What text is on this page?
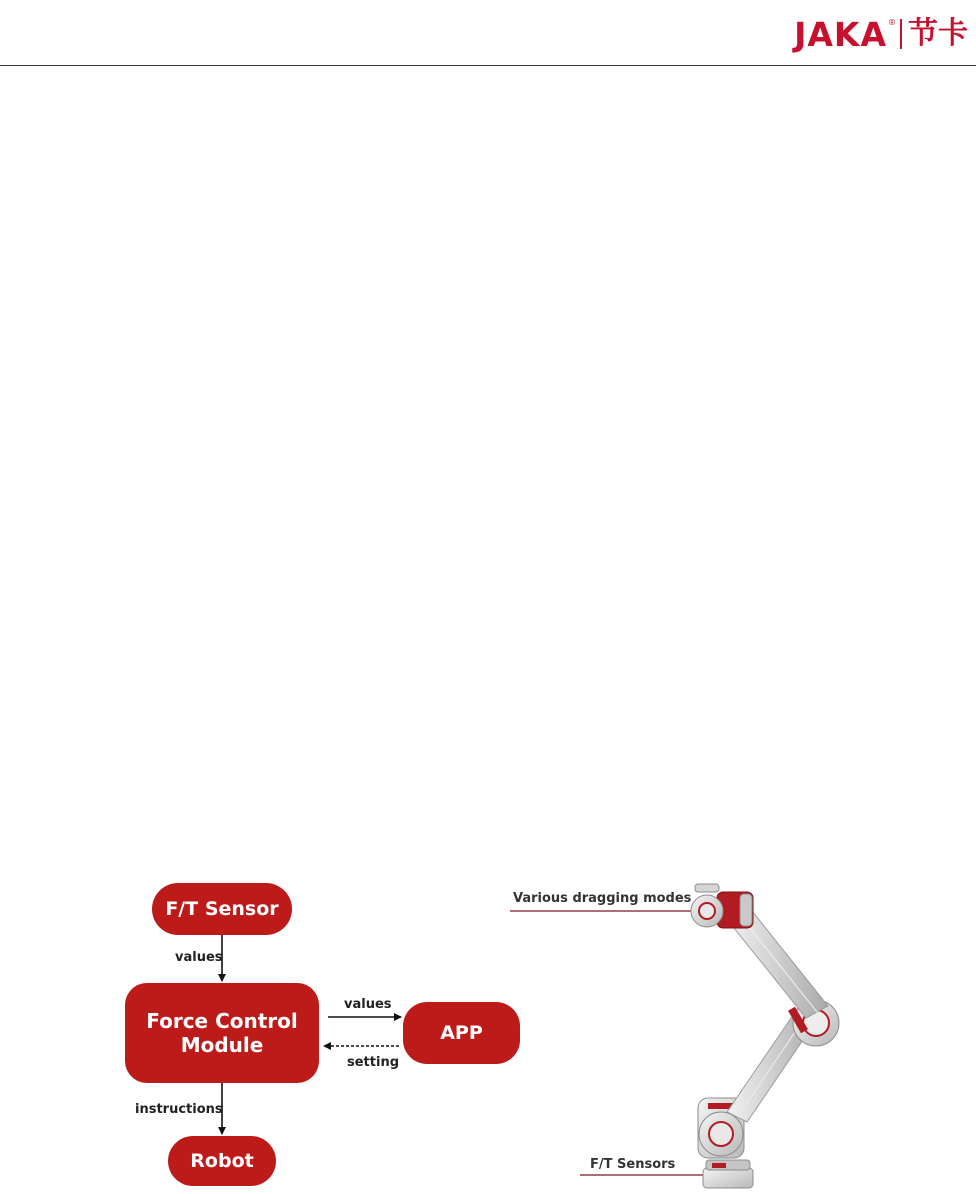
JAKA ® 节卡
F/T Sensor
Force Control
Module	APP
Robot
values
values
setting
instructions
Various dragging modes
F/T Sensors
